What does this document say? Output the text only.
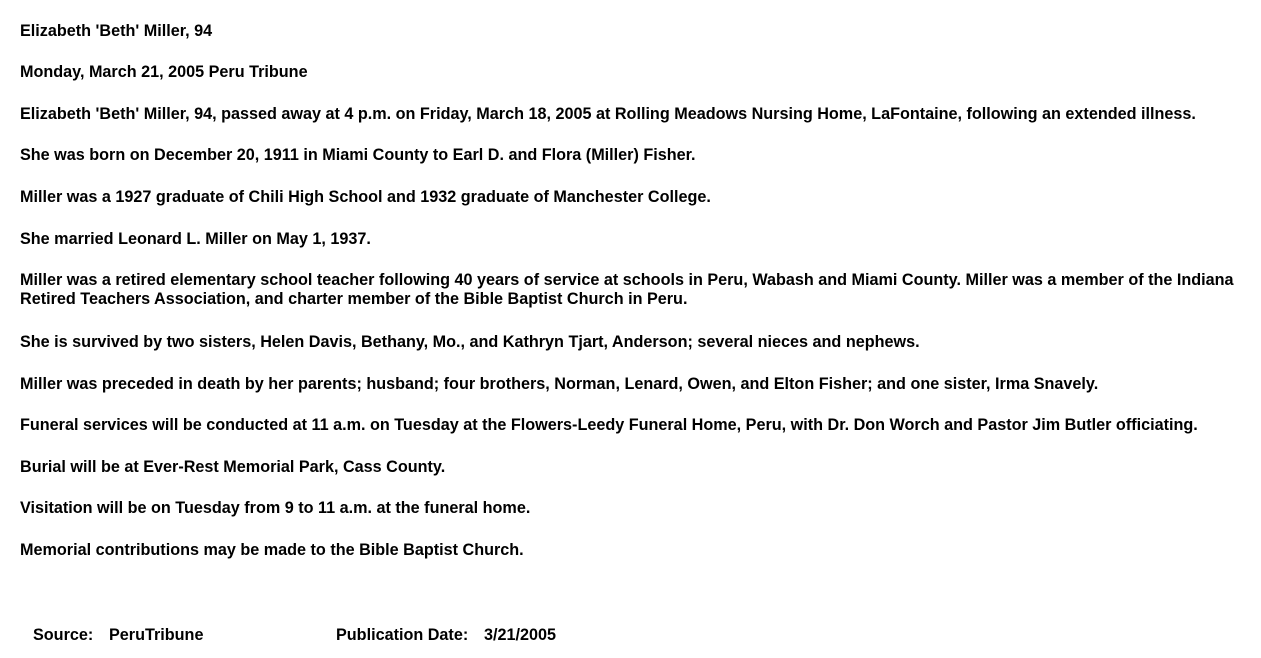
Elizabeth 'Beth' Miller, 94

Monday, March 21, 2005 Peru Tribune

Elizabeth 'Beth' Miller, 94, passed away at 4 p.m. on Friday, March 18, 2005 at Rolling Meadows Nursing Home, LaFontaine, following an extended illness.

She was born on December 20, 1911 in Miami County to Earl D. and Flora (Miller) Fisher.

Miller was a 1927 graduate of Chili High School and 1932 graduate of Manchester College.

She married Leonard L. Miller on May 1, 1937.

Miller was a retired elementary school teacher following 40 years of service at schools in Peru, Wabash and Miami County. Miller was a member of the Indiana Retired Teachers Association, and charter member of the Bible Baptist Church in Peru.

She is survived by two sisters, Helen Davis, Bethany, Mo., and Kathryn Tjart, Anderson; several nieces and nephews.

Miller was preceded in death by her parents; husband; four brothers, Norman, Lenard, Owen, and Elton Fisher; and one sister, Irma Snavely.

Funeral services will be conducted at 11 a.m. on Tuesday at the Flowers-Leedy Funeral Home, Peru, with Dr. Don Worch and Pastor Jim Butler officiating.

Burial will be at Ever-Rest Memorial Park, Cass County.

Visitation will be on Tuesday from 9 to 11 a.m. at the funeral home.

Memorial contributions may be made to the Bible Baptist Church.

Source: PeruTribune	Publication Date: 3/21/2005
